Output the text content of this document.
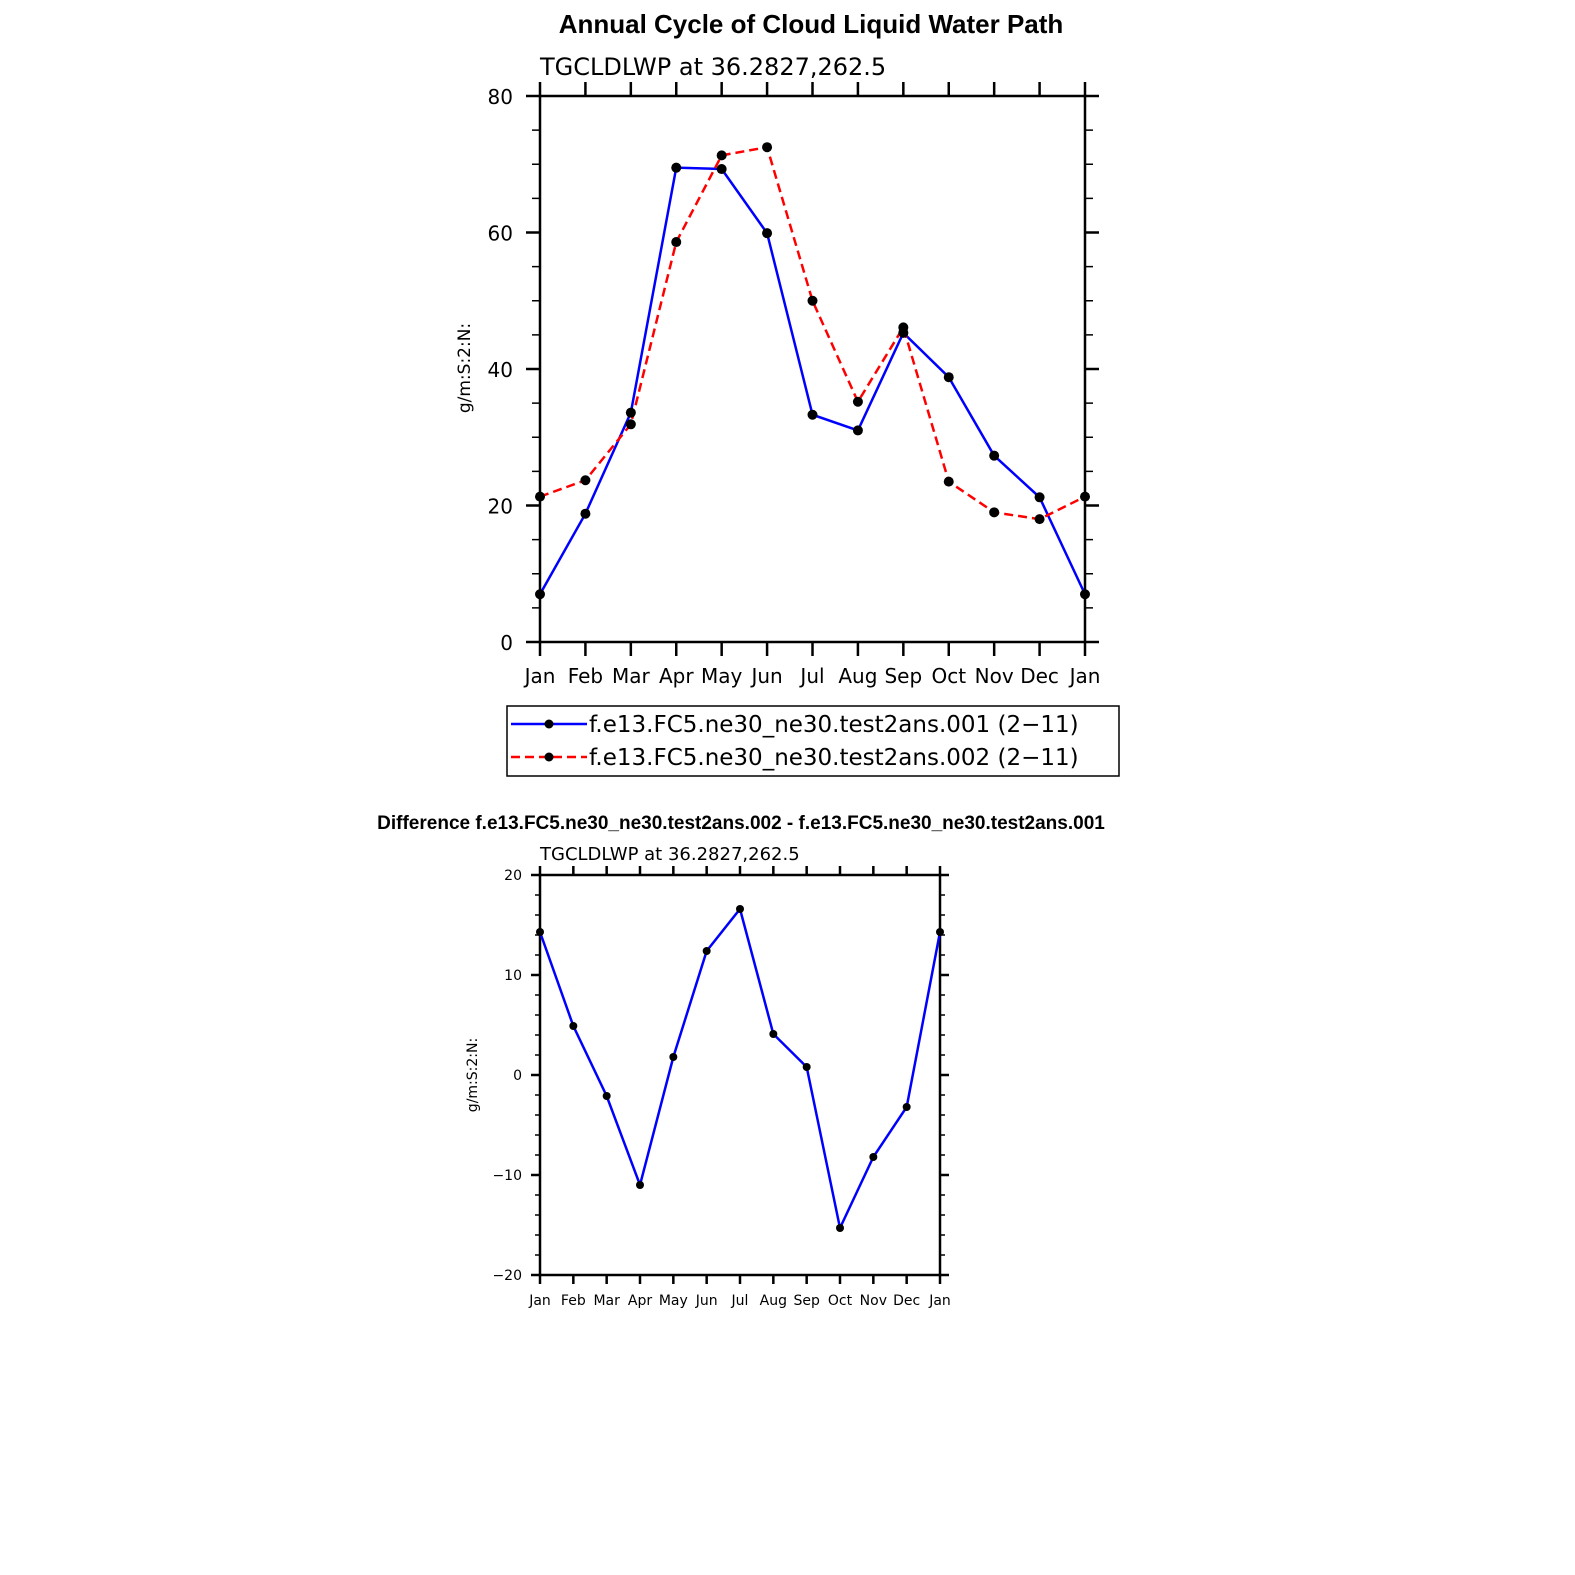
Annual Cycle of Cloud Liquid Water Path
TGCLDLWP at 36.2827,262.5
g/m:S:2:N:
Jan Feb Mar Apr May Jun Jul Aug Sep Oct Nov Dec Jan
0
20
40
60
80
f.e13.FC5.ne30_ne30.test2ans.001 (2−11)
f.e13.FC5.ne30_ne30.test2ans.002 (2−11)
Difference f.e13.FC5.ne30_ne30.test2ans.002 - f.e13.FC5.ne30_ne30.test2ans.001
TGCLDLWP at 36.2827,262.5
g/m:S:2:N:
Jan Feb Mar Apr May Jun Jul Aug Sep Oct Nov Dec Jan
−20
−10
0
10
20
